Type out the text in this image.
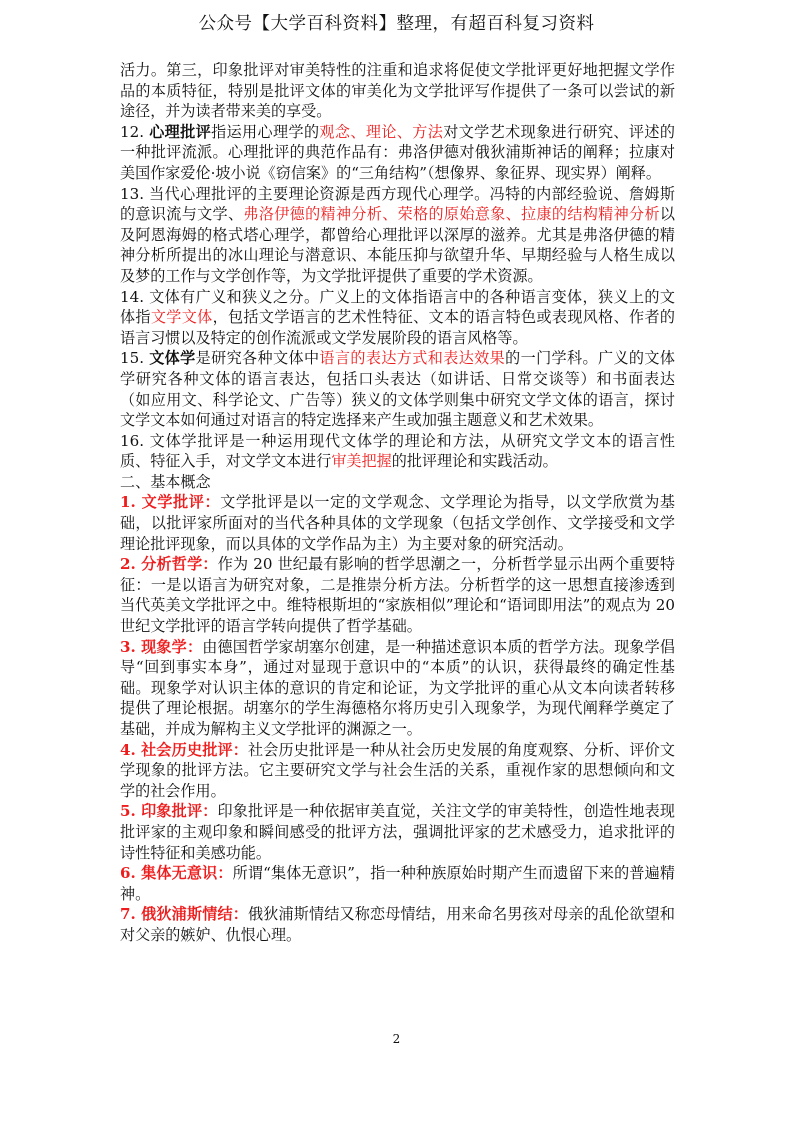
公众号【大学百科资料】整理，有超百科复习资料

活力。第三，印象批评对审美特性的注重和追求将促使文学批评更好地把握文学作品的本质特征，特别是批评文体的审美化为文学批评写作提供了一条可以尝试的新途径，并为读者带来美的享受。

12. 心理批评指运用心理学的观念、理论、方法对文学艺术现象进行研究、评述的一种批评流派。心理批评的典范作品有：弗洛伊德对俄狄浦斯神话的阐释；拉康对美国作家爱伦·坡小说《窃信案》的“三角结构”（想像界、象征界、现实界）阐释。

13. 当代心理批评的主要理论资源是西方现代心理学。冯特的内部经验说、詹姆斯的意识流与文学、弗洛伊德的精神分析、荣格的原始意象、拉康的结构精神分析以及阿恩海姆的格式塔心理学，都曾给心理批评以深厚的滋养。尤其是弗洛伊德的精神分析所提出的冰山理论与潜意识、本能压抑与欲望升华、早期经验与人格生成以及梦的工作与文学创作等，为文学批评提供了重要的学术资源。

14. 文体有广义和狭义之分。广义上的文体指语言中的各种语言变体，狭义上的文体指文学文体，包括文学语言的艺术性特征、文本的语言特色或表现风格、作者的语言习惯以及特定的创作流派或文学发展阶段的语言风格等。

15. 文体学是研究各种文体中语言的表达方式和表达效果的一门学科。广义的文体学研究各种文体的语言表达，包括口头表达（如讲话、日常交谈等）和书面表达（如应用文、科学论文、广告等）狭义的文体学则集中研究文学文体的语言，探讨文学文本如何通过对语言的特定选择来产生或加强主题意义和艺术效果。

16. 文体学批评是一种运用现代文体学的理论和方法，从研究文学文本的语言性质、特征入手，对文学文本进行审美把握的批评理论和实践活动。

二、基本概念

1. 文学批评：文学批评是以一定的文学观念、文学理论为指导，以文学欣赏为基础，以批评家所面对的当代各种具体的文学现象（包括文学创作、文学接受和文学理论批评现象，而以具体的文学作品为主）为主要对象的研究活动。

2. 分析哲学：作为 20 世纪最有影响的哲学思潮之一，分析哲学显示出两个重要特征：一是以语言为研究对象，二是推崇分析方法。分析哲学的这一思想直接渗透到当代英美文学批评之中。维特根斯坦的“家族相似”理论和“语词即用法”的观点为 20 世纪文学批评的语言学转向提供了哲学基础。

3. 现象学：由德国哲学家胡塞尔创建，是一种描述意识本质的哲学方法。现象学倡导“回到事实本身”，通过对显现于意识中的“本质”的认识，获得最终的确定性基础。现象学对认识主体的意识的肯定和论证，为文学批评的重心从文本向读者转移提供了理论根据。胡塞尔的学生海德格尔将历史引入现象学，为现代阐释学奠定了基础，并成为解构主义文学批评的渊源之一。

4. 社会历史批评：社会历史批评是一种从社会历史发展的角度观察、分析、评价文学现象的批评方法。它主要研究文学与社会生活的关系，重视作家的思想倾向和文学的社会作用。

5. 印象批评：印象批评是一种依据审美直觉，关注文学的审美特性，创造性地表现批评家的主观印象和瞬间感受的批评方法，强调批评家的艺术感受力，追求批评的诗性特征和美感功能。

6. 集体无意识：所谓“集体无意识”，指一种种族原始时期产生而遗留下来的普遍精神。

7. 俄狄浦斯情结：俄狄浦斯情结又称恋母情结，用来命名男孩对母亲的乱伦欲望和对父亲的嫉妒、仇恨心理。

2
